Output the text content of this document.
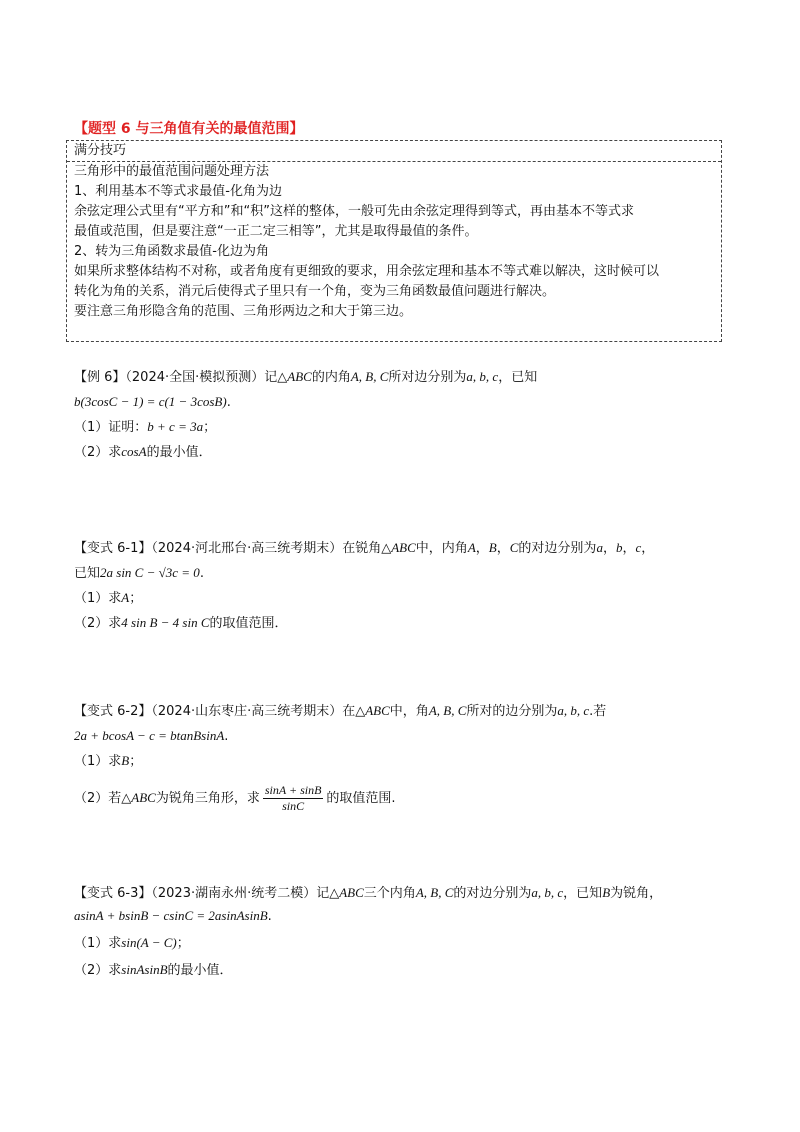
【题型 6 与三角值有关的最值范围】
满分技巧
三角形中的最值范围问题处理方法
1、利用基本不等式求最值-化角为边
余弦定理公式里有“平方和”和“积”这样的整体，一般可先由余弦定理得到等式，再由基本不等式求
最值或范围，但是要注意“一正二定三相等”，尤其是取得最值的条件。
2、转为三角函数求最值-化边为角
如果所求整体结构不对称，或者角度有更细致的要求，用余弦定理和基本不等式难以解决，这时候可以
转化为角的关系，消元后使得式子里只有一个角，变为三角函数最值问题进行解决。
要注意三角形隐含角的范围、三角形两边之和大于第三边。
【例 6】（2024·全国·模拟预测）记△ABC的内角A, B, C所对边分别为a, b, c，已知
b(3cosC − 1) = c(1 − 3cosB).
（1）证明：b + c = 3a；
（2）求cosA的最小值．
【变式 6-1】（2024·河北邢台·高三统考期末）在锐角△ABC中，内角A，B，C的对边分别为a，b，c，
已知2a sin C − √3c = 0.
（1）求A；
（2）求4 sin B − 4 sin C的取值范围．
【变式 6-2】（2024·山东枣庄·高三统考期末）在△ABC中，角A, B, C所对的边分别为a, b, c.若
2a + bcosA − c = btanBsinA.
（1）求B；
（2）若△ABC为锐角三角形，求 $\frac{\sin A + \sin B}{\sin C}$ 的取值范围.
【变式 6-3】（2023·湖南永州·统考二模）记△ABC三个内角A, B, C的对边分别为a, b, c，已知B为锐角，
asinA + bsinB − csinC = 2asinAsinB.
（1）求sin(A − C)；
（2）求sinAsinB的最小值．
